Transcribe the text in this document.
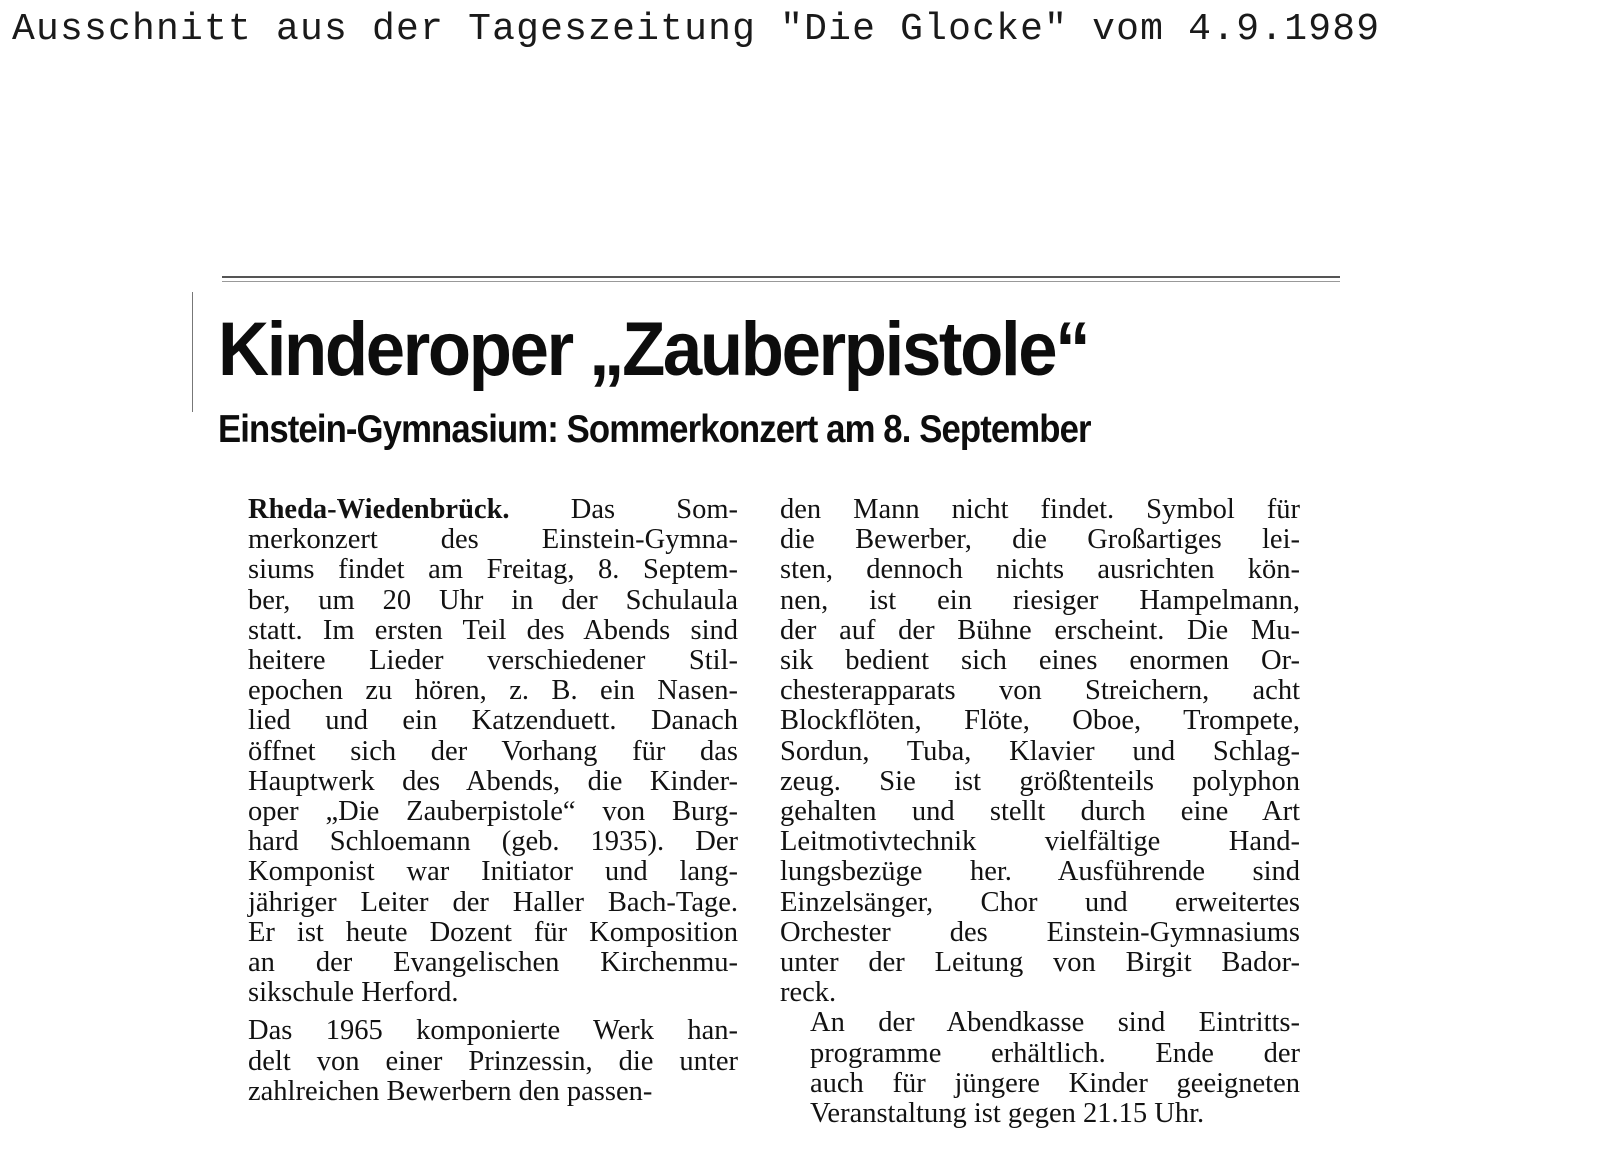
Ausschnitt aus der Tageszeitung "Die Glocke" vom 4.9.1989

Kinderoper „Zauberpistole“
Einstein-Gymnasium: Sommerkonzert am 8. September

Rheda-Wiedenbrück. Das Som-
merkonzert des Einstein-Gymna-
siums findet am Freitag, 8. Septem-
ber, um 20 Uhr in der Schulaula
statt. Im ersten Teil des Abends sind
heitere Lieder verschiedener Stil-
epochen zu hören, z. B. ein Nasen-
lied und ein Katzenduett. Danach
öffnet sich der Vorhang für das
Hauptwerk des Abends, die Kinder-
oper „Die Zauberpistole“ von Burg-
hard Schloemann (geb. 1935). Der
Komponist war Initiator und lang-
jähriger Leiter der Haller Bach-Tage.
Er ist heute Dozent für Komposition
an der Evangelischen Kirchenmu-
sikschule Herford.

Das 1965 komponierte Werk han-
delt von einer Prinzessin, die unter
zahlreichen Bewerbern den passen-

den Mann nicht findet. Symbol für
die Bewerber, die Großartiges lei-
sten, dennoch nichts ausrichten kön-
nen, ist ein riesiger Hampelmann,
der auf der Bühne erscheint. Die Mu-
sik bedient sich eines enormen Or-
chesterapparats von Streichern, acht
Blockflöten, Flöte, Oboe, Trompete,
Sordun, Tuba, Klavier und Schlag-
zeug. Sie ist größtenteils polyphon
gehalten und stellt durch eine Art
Leitmotivtechnik vielfältige Hand-
lungsbezüge her. Ausführende sind
Einzelsänger, Chor und erweitertes
Orchester des Einstein-Gymnasiums
unter der Leitung von Birgit Bador-
reck.

An der Abendkasse sind Eintritts-
programme erhältlich. Ende der
auch für jüngere Kinder geeigneten
Veranstaltung ist gegen 21.15 Uhr.
